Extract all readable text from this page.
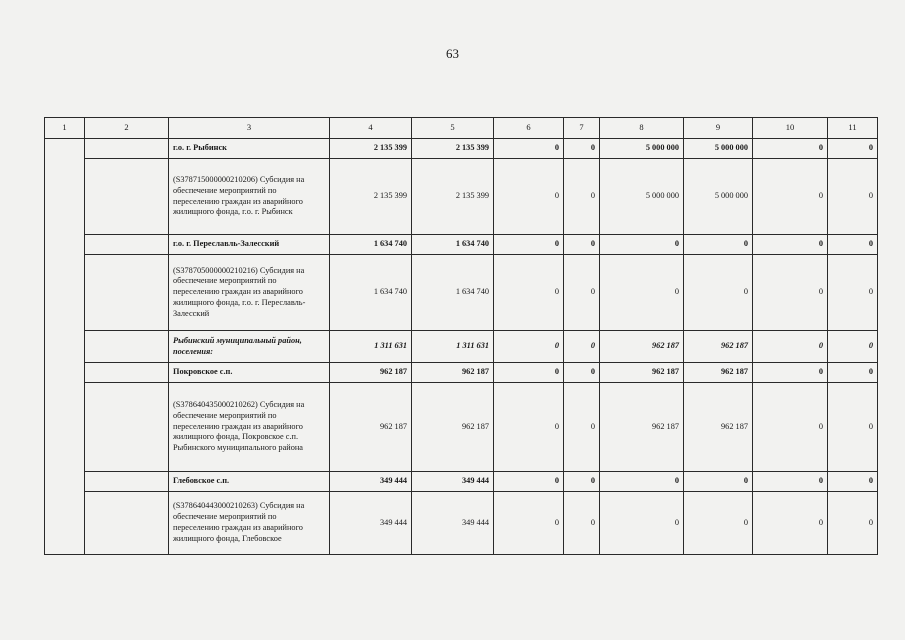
63
1	2	3	4	5	6	7	8	9	10	11
		г.о. г. Рыбинск	2 135 399	2 135 399	0	0	5 000 000	5 000 000	0	0
		(S378715000000210206) Субсидия на обеспечение мероприятий по переселению граждан из аварийного жилищного фонда, г.о. г. Рыбинск	2 135 399	2 135 399	0	0	5 000 000	5 000 000	0	0
		г.о. г. Переславль-Залесский	1 634 740	1 634 740	0	0	0	0	0	0
		(S378705000000210216) Субсидия на обеспечение мероприятий по переселению граждан из аварийного жилищного фонда, г.о. г. Переславль-Залесский	1 634 740	1 634 740	0	0	0	0	0	0
		Рыбинский муниципальный район, поселения:	1 311 631	1 311 631	0	0	962 187	962 187	0	0
		Покровское с.п.	962 187	962 187	0	0	962 187	962 187	0	0
		(S378640435000210262) Субсидия на обеспечение мероприятий по переселению граждан из аварийного жилищного фонда, Покровское с.п. Рыбинского муниципального района	962 187	962 187	0	0	962 187	962 187	0	0
		Глебовское с.п.	349 444	349 444	0	0	0	0	0	0
		(S378640443000210263) Субсидия на обеспечение мероприятий по переселению граждан из аварийного жилищного фонда, Глебовское	349 444	349 444	0	0	0	0	0	0
